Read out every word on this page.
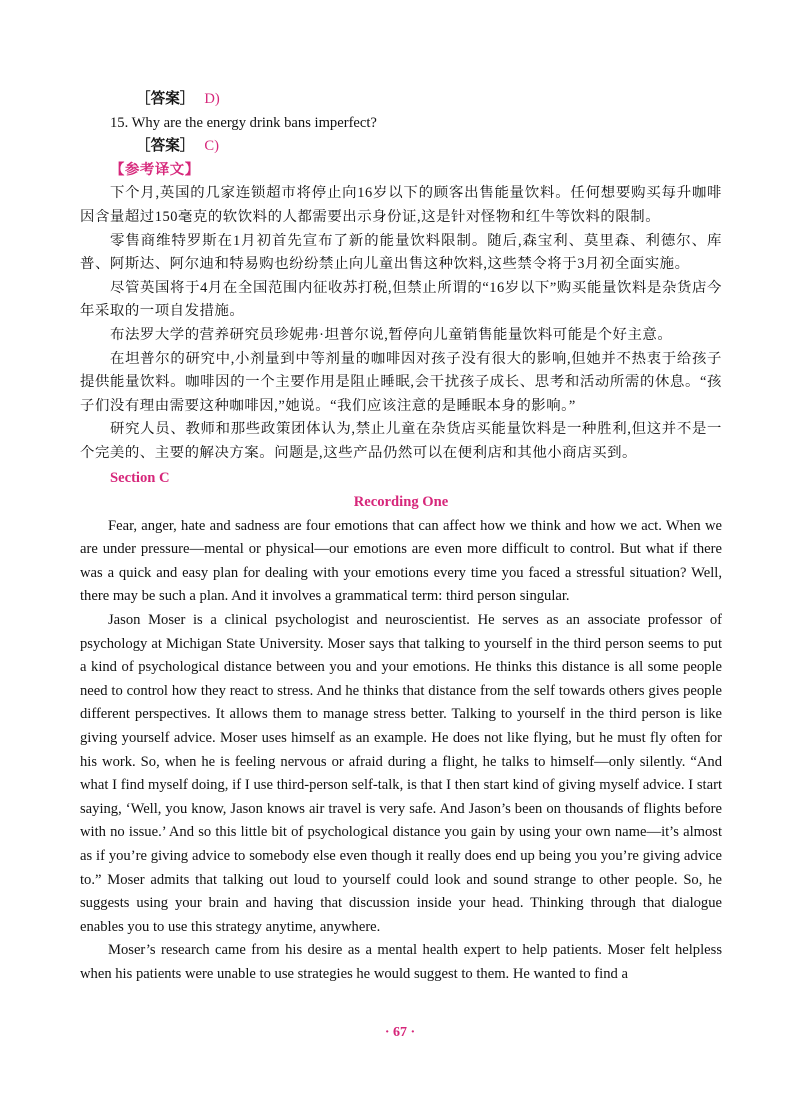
［答案］ D)

15. Why are the energy drink bans imperfect?

［答案］ C)

【参考译文】

下个月,英国的几家连锁超市将停止向16岁以下的顾客出售能量饮料。任何想要购买每升咖啡因含量超过150毫克的软饮料的人都需要出示身份证,这是针对怪物和红牛等饮料的限制。

零售商维特罗斯在1月初首先宣布了新的能量饮料限制。随后,森宝利、莫里森、利德尔、库普、阿斯达、阿尔迪和特易购也纷纷禁止向儿童出售这种饮料,这些禁令将于3月初全面实施。

尽管英国将于4月在全国范围内征收苏打税,但禁止所谓的“16岁以下”购买能量饮料是杂货店今年采取的一项自发措施。

布法罗大学的营养研究员珍妮弗·坦普尔说,暂停向儿童销售能量饮料可能是个好主意。

在坦普尔的研究中,小剂量到中等剂量的咖啡因对孩子没有很大的影响,但她并不热衷于给孩子提供能量饮料。咖啡因的一个主要作用是阻止睡眠,会干扰孩子成长、思考和活动所需的休息。“孩子们没有理由需要这种咖啡因,”她说。“我们应该注意的是睡眠本身的影响。”

研究人员、教师和那些政策团体认为,禁止儿童在杂货店买能量饮料是一种胜利,但这并不是一个完美的、主要的解决方案。问题是,这些产品仍然可以在便利店和其他小商店买到。

Section C

Recording One

Fear, anger, hate and sadness are four emotions that can affect how we think and how we act. When we are under pressure—mental or physical—our emotions are even more difficult to control. But what if there was a quick and easy plan for dealing with your emotions every time you faced a stressful situation? Well, there may be such a plan. And it involves a grammatical term: third person singular.

Jason Moser is a clinical psychologist and neuroscientist. He serves as an associate professor of psychology at Michigan State University. Moser says that talking to yourself in the third person seems to put a kind of psychological distance between you and your emotions. He thinks this distance is all some people need to control how they react to stress. And he thinks that distance from the self towards others gives people different perspectives. It allows them to manage stress better. Talking to yourself in the third person is like giving yourself advice. Moser uses himself as an example. He does not like flying, but he must fly often for his work. So, when he is feeling nervous or afraid during a flight, he talks to himself—only silently. “And what I find myself doing, if I use third-person self-talk, is that I then start kind of giving myself advice. I start saying, ‘Well, you know, Jason knows air travel is very safe. And Jason’s been on thousands of flights before with no issue.’ And so this little bit of psychological distance you gain by using your own name—it’s almost as if you’re giving advice to somebody else even though it really does end up being you you’re giving advice to.” Moser admits that talking out loud to yourself could look and sound strange to other people. So, he suggests using your brain and having that discussion inside your head. Thinking through that dialogue enables you to use this strategy anytime, anywhere.

Moser’s research came from his desire as a mental health expert to help patients. Moser felt helpless when his patients were unable to use strategies he would suggest to them. He wanted to find a

· 67 ·
